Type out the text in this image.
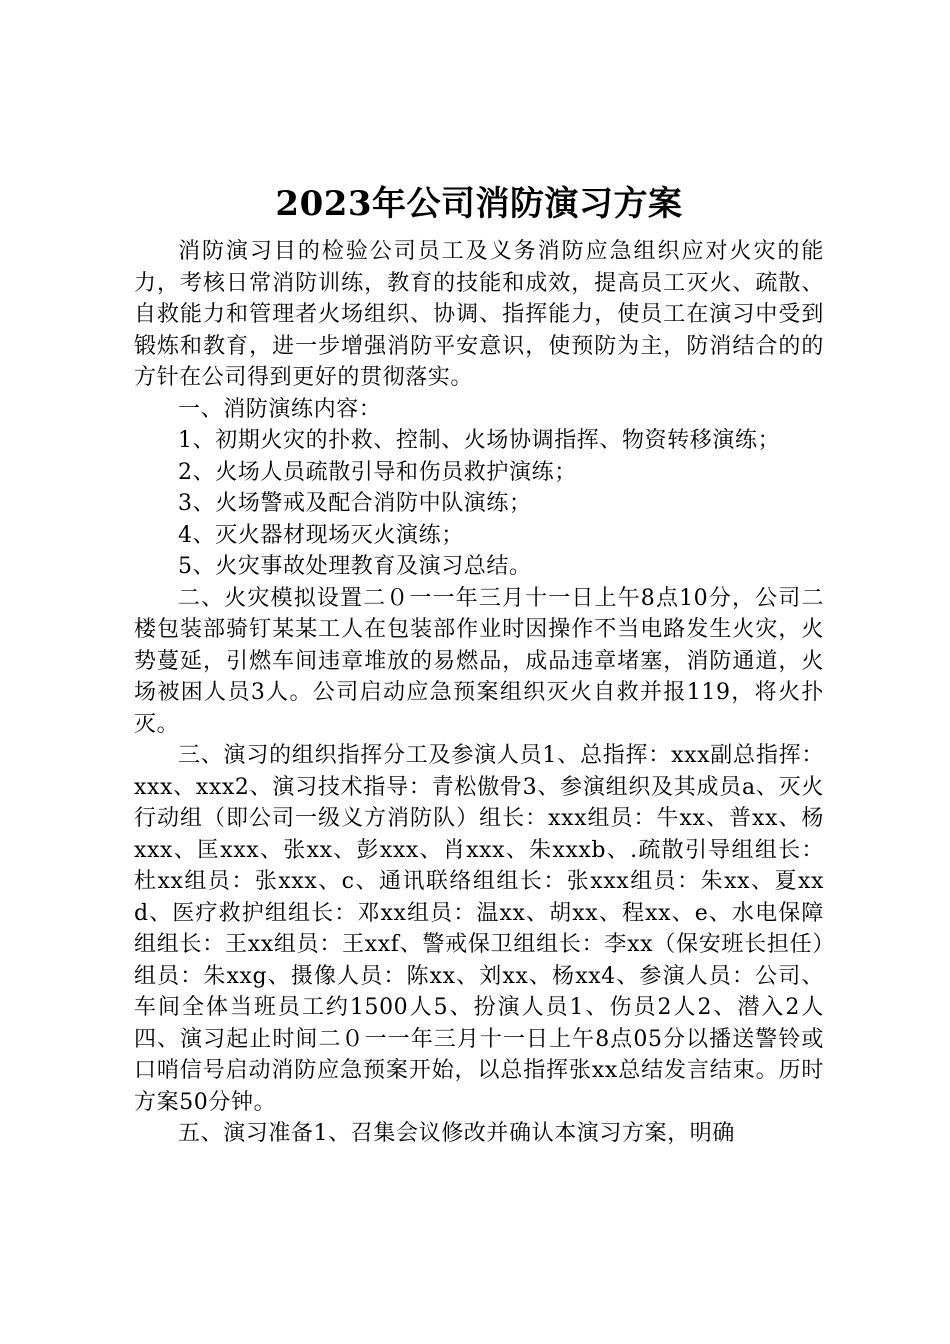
2023年公司消防演习方案

消防演习目的检验公司员工及义务消防应急组织应对火灾的能力，考核日常消防训练，教育的技能和成效，提高员工灭火、疏散、自救能力和管理者火场组织、协调、指挥能力，使员工在演习中受到锻炼和教育，进一步增强消防平安意识，使预防为主，防消结合的的方针在公司得到更好的贯彻落实。

一、消防演练内容：

1、初期火灾的扑救、控制、火场协调指挥、物资转移演练；

2、火场人员疏散引导和伤员救护演练；

3、火场警戒及配合消防中队演练；

4、灭火器材现场灭火演练；

5、火灾事故处理教育及演习总结。

二、火灾模拟设置二０一一年三月十一日上午8点10分，公司二楼包装部骑钉某某工人在包装部作业时因操作不当电路发生火灾，火势蔓延，引燃车间违章堆放的易燃品，成品违章堵塞，消防通道，火场被困人员3人。公司启动应急预案组织灭火自救并报119，将火扑灭。

三、演习的组织指挥分工及参演人员1、总指挥：xxx副总指挥：xxx、xxx2、演习技术指导：青松傲骨3、参演组织及其成员a、灭火行动组（即公司一级义方消防队）组长：xxx组员：牛xx、普xx、杨xxx、匡xxx、张xx、彭xxx、肖xxx、朱xxxb、.疏散引导组组长：杜xx组员：张xxx、c、通讯联络组组长：张xxx组员：朱xx、夏xxd、医疗救护组组长：邓xx组员：温xx、胡xx、程xx、e、水电保障组组长：王xx组员：王xxf、警戒保卫组组长：李xx（保安班长担任）组员：朱xxg、摄像人员：陈xx、刘xx、杨xx4、参演人员：公司、车间全体当班员工约1500人5、扮演人员1、伤员2人2、潜入2人四、演习起止时间二０一一年三月十一日上午8点05分以播送警铃或口哨信号启动消防应急预案开始，以总指挥张xx总结发言结束。历时方案50分钟。

五、演习准备1、召集会议修改并确认本演习方案，明确
